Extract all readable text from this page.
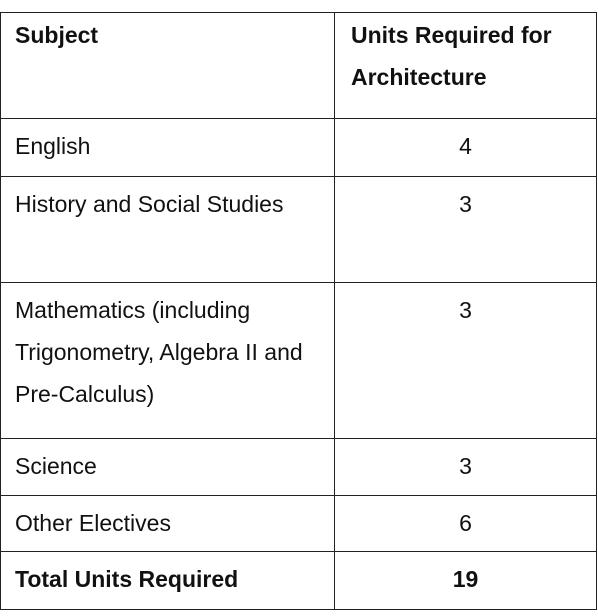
Subject	Units Required for Architecture

English	4

History and Social Studies	3

Mathematics (including Trigonometry, Algebra II and Pre-Calculus)	3

Science	3

Other Electives	6

Total Units Required	19
